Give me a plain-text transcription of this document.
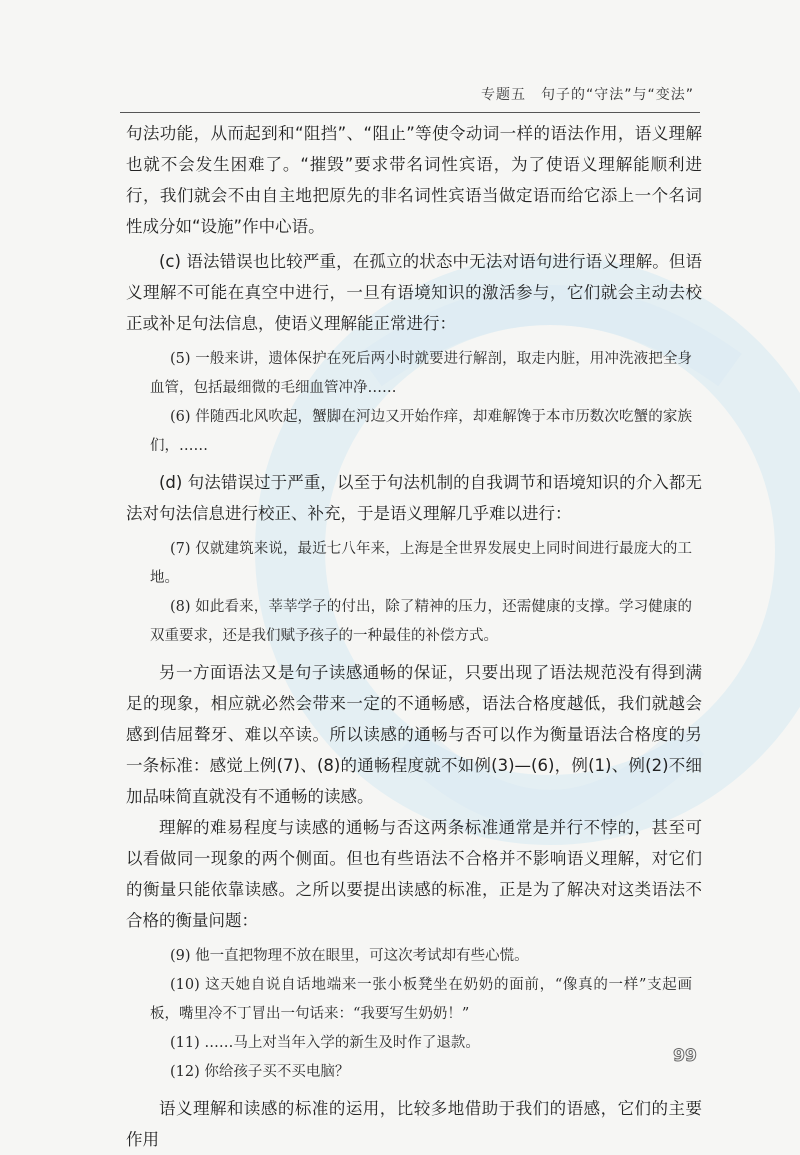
专题五　句子的“守法”与“变法”

句法功能，从而起到和“阻挡”、“阻止”等使令动词一样的语法作用，语义理解也就不会发生困难了。“摧毁”要求带名词性宾语，为了使语义理解能顺利进行，我们就会不由自主地把原先的非名词性宾语当做定语而给它添上一个名词性成分如“设施”作中心语。

(c) 语法错误也比较严重，在孤立的状态中无法对语句进行语义理解。但语义理解不可能在真空中进行，一旦有语境知识的激活参与，它们就会主动去校正或补足句法信息，使语义理解能正常进行：

(5) 一般来讲，遗体保护在死后两小时就要进行解剖，取走内脏，用冲洗液把全身血管，包括最细微的毛细血管冲净……

(6) 伴随西北风吹起，蟹脚在河边又开始作痒，却难解馋于本市历数次吃蟹的家族们，……

(d) 句法错误过于严重，以至于句法机制的自我调节和语境知识的介入都无法对句法信息进行校正、补充，于是语义理解几乎难以进行：

(7) 仅就建筑来说，最近七八年来，上海是全世界发展史上同时间进行最庞大的工地。

(8) 如此看来，莘莘学子的付出，除了精神的压力，还需健康的支撑。学习健康的双重要求，还是我们赋予孩子的一种最佳的补偿方式。

另一方面语法又是句子读感通畅的保证，只要出现了语法规范没有得到满足的现象，相应就必然会带来一定的不通畅感，语法合格度越低，我们就越会感到佶屈聱牙、难以卒读。所以读感的通畅与否可以作为衡量语法合格度的另一条标准：感觉上例(7)、(8)的通畅程度就不如例(3)—(6)，例(1)、例(2)不细加品味简直就没有不通畅的读感。

理解的难易程度与读感的通畅与否这两条标准通常是并行不悖的，甚至可以看做同一现象的两个侧面。但也有些语法不合格并不影响语义理解，对它们的衡量只能依靠读感。之所以要提出读感的标准，正是为了解决对这类语法不合格的衡量问题：

(9) 他一直把物理不放在眼里，可这次考试却有些心慌。

(10) 这天她自说自话地端来一张小板凳坐在奶奶的面前，“像真的一样”支起画板，嘴里冷不丁冒出一句话来：“我要写生奶奶！”

(11) ……马上对当年入学的新生及时作了退款。

(12) 你给孩子买不买电脑？

语义理解和读感的标准的运用，比较多地借助于我们的语感，它们的主要作用

99
